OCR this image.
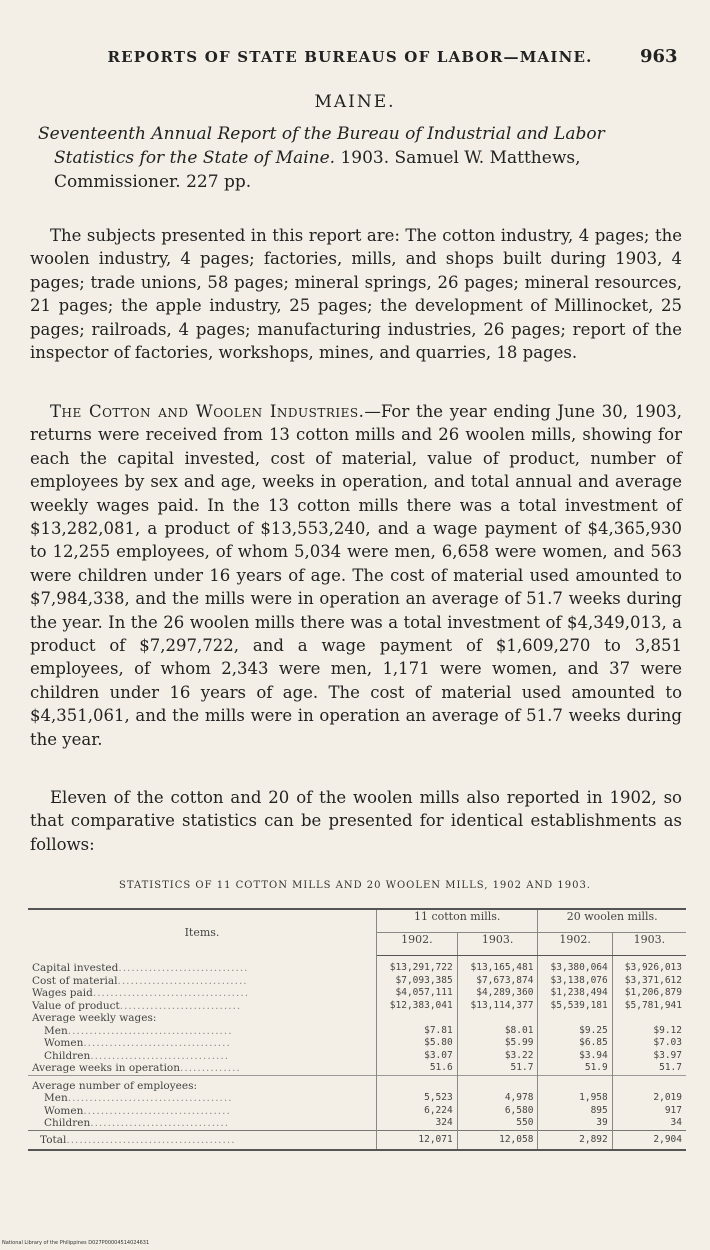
REPORTS OF STATE BUREAUS OF LABOR—MAINE.	963
MAINE.
Seventeenth Annual Report of the Bureau of Industrial and Labor Statistics for the State of Maine. 1903. Samuel W. Matthews, Commissioner. 227 pp.

The subjects presented in this report are: The cotton industry, 4 pages; the woolen industry, 4 pages; factories, mills, and shops built during 1903, 4 pages; trade unions, 58 pages; mineral springs, 26 pages; mineral resources, 21 pages; the apple industry, 25 pages; the development of Millinocket, 25 pages; railroads, 4 pages; manufacturing industries, 26 pages; report of the inspector of factories, workshops, mines, and quarries, 18 pages.

The Cotton and Woolen Industries.—For the year ending June 30, 1903, returns were received from 13 cotton mills and 26 woolen mills, showing for each the capital invested, cost of material, value of product, number of employees by sex and age, weeks in operation, and total annual and average weekly wages paid. In the 13 cotton mills there was a total investment of $13,282,081, a product of $13,553,240, and a wage payment of $4,365,930 to 12,255 employees, of whom 5,034 were men, 6,658 were women, and 563 were children under 16 years of age. The cost of material used amounted to $7,984,338, and the mills were in operation an average of 51.7 weeks during the year. In the 26 woolen mills there was a total investment of $4,349,013, a product of $7,297,722, and a wage payment of $1,609,270 to 3,851 employees, of whom 2,343 were men, 1,171 were women, and 37 were children under 16 years of age. The cost of material used amounted to $4,351,061, and the mills were in operation an average of 51.7 weeks during the year.

Eleven of the cotton and 20 of the woolen mills also reported in 1902, so that comparative statistics can be presented for identical establishments as follows:

STATISTICS OF 11 COTTON MILLS AND 20 WOOLEN MILLS, 1902 AND 1903.
Items.	11 cotton mills.		20 woolen mills.	
	1902.	1903.	1902.	1903.

Capital invested..............................	$13,291,722	$13,165,481	$3,380,064	$3,926,013
Cost of material..............................	$7,093,385	$7,673,874	$3,138,076	$3,371,612
Wages paid....................................	$4,057,111	$4,289,360	$1,238,494	$1,206,879
Value of product............................	$12,383,041	$13,114,377	$5,539,181	$5,781,941
Average weekly wages:				
Men......................................	$7.81	$8.01	$9.25	$9.12
Women..................................	$5.80	$5.99	$6.85	$7.03
Children................................	$3.07	$3.22	$3.94	$3.97
Average weeks in operation..............	51.6	51.7	51.9	51.7
Average number of employees:				
Men......................................	5,523	4,978	1,958	2,019
Women..................................	6,224	6,580	895	917
Children................................	324	550	39	34
Total.......................................	12,071	12,058	2,892	2,904
National Library of the Philippines D027P00004514024631
